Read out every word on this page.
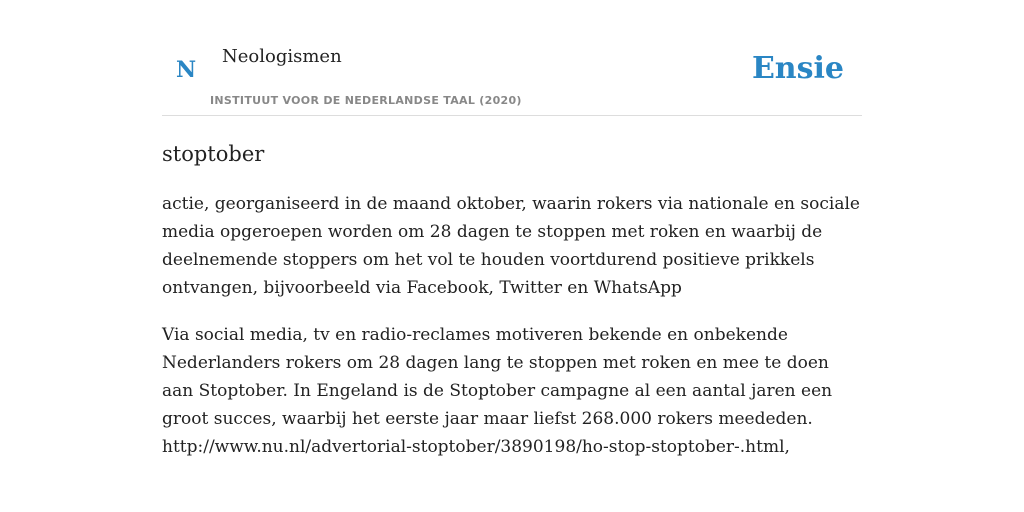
N
Neologismen
INSTITUUT VOOR DE NEDERLANDSE TAAL (2020)
Ensie
stoptober

actie, georganiseerd in de maand oktober, waarin rokers via nationale en sociale media opgeroepen worden om 28 dagen te stoppen met roken en waarbij de deelnemende stoppers om het vol te houden voortdurend positieve prikkels ontvangen, bijvoorbeeld via Facebook, Twitter en WhatsApp

Via social media, tv en radio-reclames motiveren bekende en onbekende Nederlanders rokers om 28 dagen lang te stoppen met roken en mee te doen aan Stoptober. In Engeland is de Stoptober campagne al een aantal jaren een groot succes, waarbij het eerste jaar maar liefst 268.000 rokers meededen. http://www.nu.nl/advertorial-stoptober/3890198/ho-stop-stoptober-.html,
